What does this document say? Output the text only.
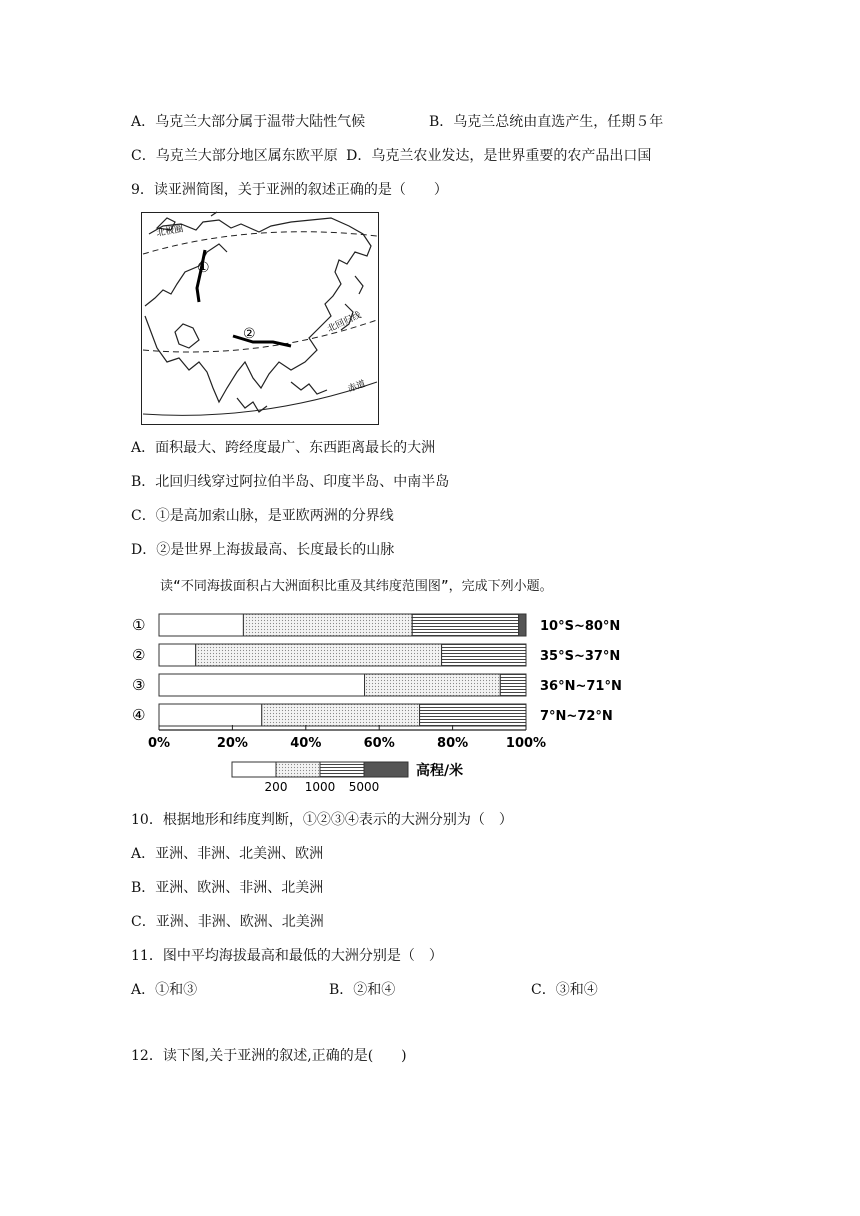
A．乌克兰大部分属于温带大陆性气候	B．乌克兰总统由直选产生，任期５年
C．乌克兰大部分地区属东欧平原 D．乌克兰农业发达，是世界重要的农产品出口国
9．读亚洲简图，关于亚洲的叙述正确的是（　　）
北极圈
北回归线
赤道
①
②
A．面积最大、跨经度最广、东西距离最长的大洲
B．北回归线穿过阿拉伯半岛、印度半岛、中南半岛
C．①是高加索山脉，是亚欧两洲的分界线
D．②是世界上海拔最高、长度最长的山脉
读“不同海拔面积占大洲面积比重及其纬度范围图”，完成下列小题。
①	10°S~80°N
②	35°S~37°N
③	36°N~71°N
④	7°N~72°N
0%	20%	40%	60%	80%	100%
200 1000 5000
高程/米
10．根据地形和纬度判断，①②③④表示的大洲分别为（　）
A．亚洲、非洲、北美洲、欧洲
B．亚洲、欧洲、非洲、北美洲
C．亚洲、非洲、欧洲、北美洲
11．图中平均海拔最高和最低的大洲分别是（　）
A．①和③	B．②和④	C．③和④
12．读下图,关于亚洲的叙述,正确的是(　　)
